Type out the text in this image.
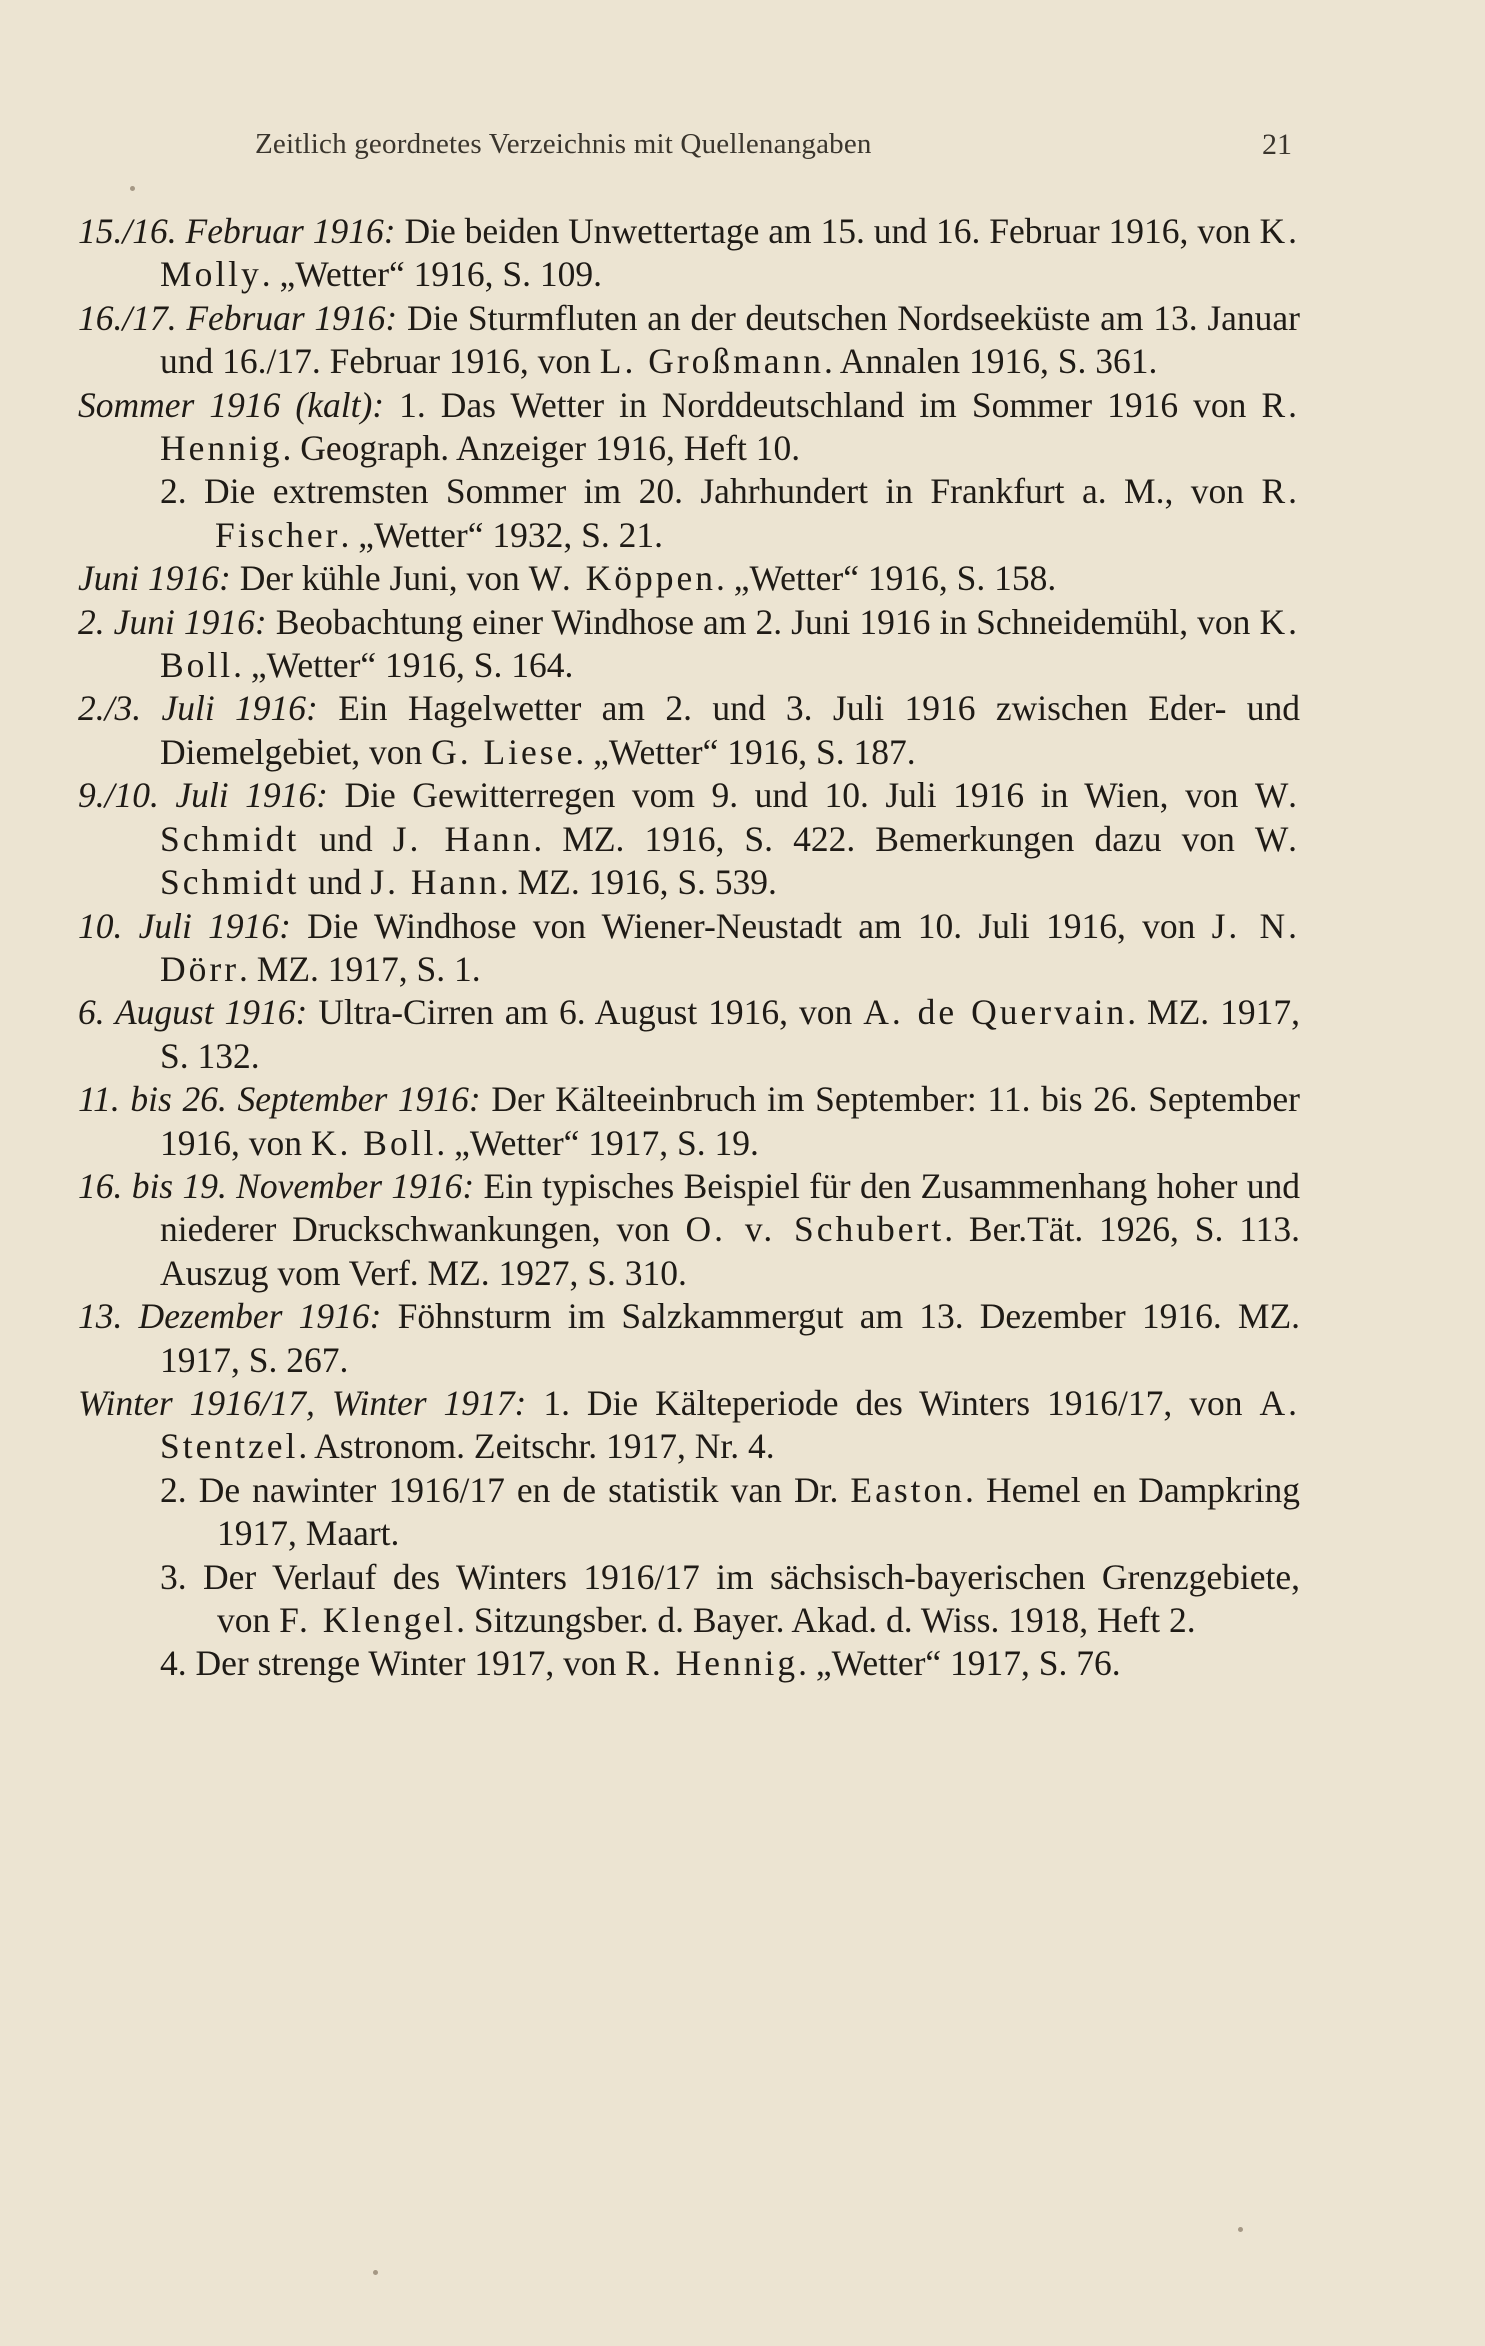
Zeitlich geordnetes Verzeichnis mit Quellenangaben	21

15./16. Februar 1916: Die beiden Unwettertage am 15. und 16. Februar 1916, von K. Molly. „Wetter“ 1916, S. 109.

16./17. Februar 1916: Die Sturmfluten an der deutschen Nordseeküste am 13. Januar und 16./17. Februar 1916, von L. Großmann. Annalen 1916, S. 361.

Sommer 1916 (kalt): 1. Das Wetter in Norddeutschland im Sommer 1916 von R. Hennig. Geograph. Anzeiger 1916, Heft 10.

2. Die extremsten Sommer im 20. Jahrhundert in Frankfurt a. M., von R. Fischer. „Wetter“ 1932, S. 21.

Juni 1916: Der kühle Juni, von W. Köppen. „Wetter“ 1916, S. 158.

2. Juni 1916: Beobachtung einer Windhose am 2. Juni 1916 in Schneidemühl, von K. Boll. „Wetter“ 1916, S. 164.

2./3. Juli 1916: Ein Hagelwetter am 2. und 3. Juli 1916 zwischen Eder- und Diemelgebiet, von G. Liese. „Wetter“ 1916, S. 187.

9./10. Juli 1916: Die Gewitterregen vom 9. und 10. Juli 1916 in Wien, von W. Schmidt und J. Hann. MZ. 1916, S. 422. Bemerkungen dazu von W. Schmidt und J. Hann. MZ. 1916, S. 539.

10. Juli 1916: Die Windhose von Wiener-Neustadt am 10. Juli 1916, von J. N. Dörr. MZ. 1917, S. 1.

6. August 1916: Ultra-Cirren am 6. August 1916, von A. de Quervain. MZ. 1917, S. 132.

11. bis 26. September 1916: Der Kälteeinbruch im September: 11. bis 26. September 1916, von K. Boll. „Wetter“ 1917, S. 19.

16. bis 19. November 1916: Ein typisches Beispiel für den Zusammenhang hoher und niederer Druckschwankungen, von O. v. Schubert. Ber.Tät. 1926, S. 113. Auszug vom Verf. MZ. 1927, S. 310.

13. Dezember 1916: Föhnsturm im Salzkammergut am 13. Dezember 1916. MZ. 1917, S. 267.

Winter 1916/17, Winter 1917: 1. Die Kälteperiode des Winters 1916/17, von A. Stentzel. Astronom. Zeitschr. 1917, Nr. 4.

2. De nawinter 1916/17 en de statistik van Dr. Easton. Hemel en Dampkring 1917, Maart.

3. Der Verlauf des Winters 1916/17 im sächsisch-bayerischen Grenzgebiete, von F. Klengel. Sitzungsber. d. Bayer. Akad. d. Wiss. 1918, Heft 2.

4. Der strenge Winter 1917, von R. Hennig. „Wetter“ 1917, S. 76.
